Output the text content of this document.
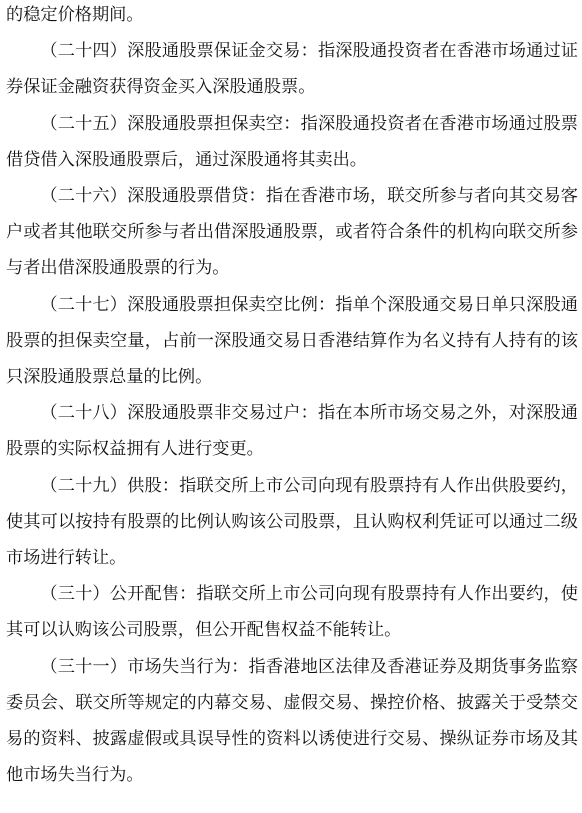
的稳定价格期间。

（二十四）深股通股票保证金交易：指深股通投资者在香港市场通过证券保证金融资获得资金买入深股通股票。

（二十五）深股通股票担保卖空：指深股通投资者在香港市场通过股票借贷借入深股通股票后，通过深股通将其卖出。

（二十六）深股通股票借贷：指在香港市场，联交所参与者向其交易客户或者其他联交所参与者出借深股通股票，或者符合条件的机构向联交所参与者出借深股通股票的行为。

（二十七）深股通股票担保卖空比例：指单个深股通交易日单只深股通股票的担保卖空量，占前一深股通交易日香港结算作为名义持有人持有的该只深股通股票总量的比例。

（二十八）深股通股票非交易过户：指在本所市场交易之外，对深股通股票的实际权益拥有人进行变更。

（二十九）供股：指联交所上市公司向现有股票持有人作出供股要约，使其可以按持有股票的比例认购该公司股票，且认购权利凭证可以通过二级市场进行转让。

（三十）公开配售：指联交所上市公司向现有股票持有人作出要约，使其可以认购该公司股票，但公开配售权益不能转让。

（三十一）市场失当行为：指香港地区法律及香港证券及期货事务监察委员会、联交所等规定的内幕交易、虚假交易、操控价格、披露关于受禁交易的资料、披露虚假或具误导性的资料以诱使进行交易、操纵证券市场及其他市场失当行为。
